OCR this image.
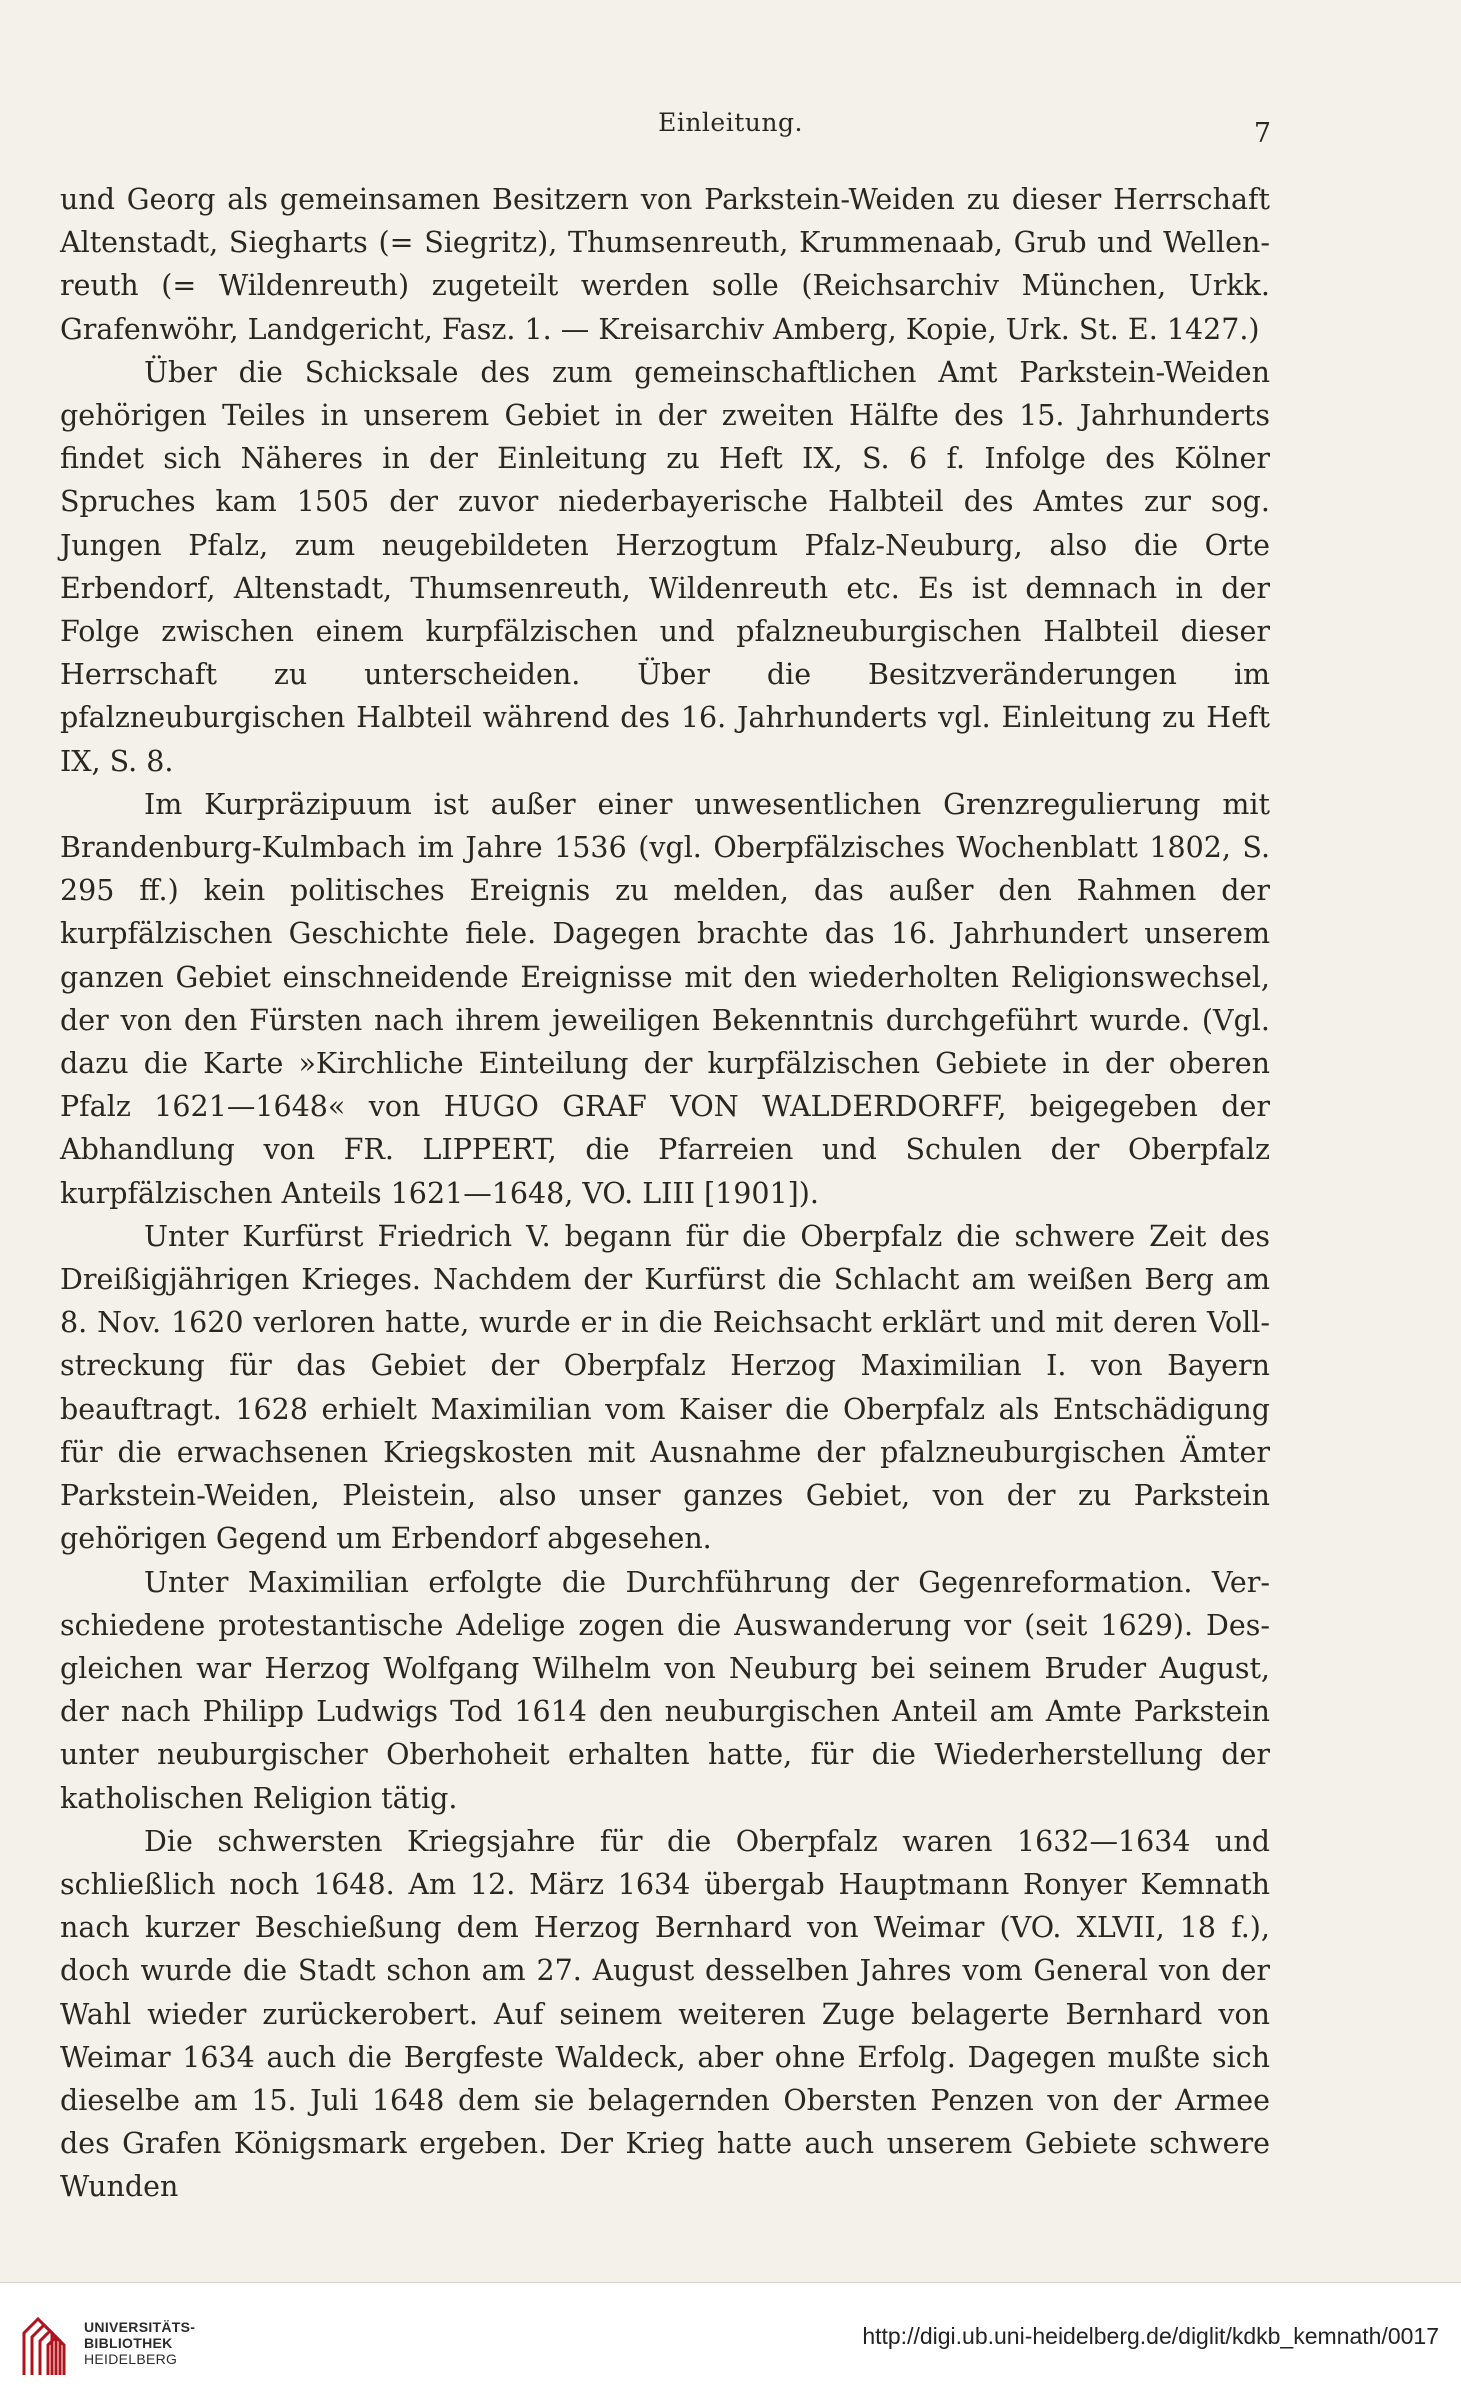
Einleitung.	7

und Georg als gemeinsamen Besitzern von Parkstein-Weiden zu dieser Herrschaft Altenstadt, Siegharts (= Siegritz), Thumsenreuth, Krummenaab, Grub und Wellenreuth (= Wildenreuth) zugeteilt werden solle (Reichsarchiv München, Urkk. Grafenwöhr, Landgericht, Fasz. 1. — Kreisarchiv Amberg, Kopie, Urk. St. E. 1427.)

Über die Schicksale des zum gemeinschaftlichen Amt Parkstein-Weiden gehörigen Teiles in unserem Gebiet in der zweiten Hälfte des 15. Jahrhunderts findet sich Näheres in der Einleitung zu Heft IX, S. 6 f. Infolge des Kölner Spruches kam 1505 der zuvor niederbayerische Halbteil des Amtes zur sog. Jungen Pfalz, zum neugebildeten Herzogtum Pfalz-Neuburg, also die Orte Erbendorf, Altenstadt, Thumsenreuth, Wildenreuth etc. Es ist demnach in der Folge zwischen einem kurpfälzischen und pfalzneuburgischen Halbteil dieser Herrschaft zu unterscheiden. Über die Besitzveränderungen im pfalzneuburgischen Halbteil während des 16. Jahrhunderts vgl. Einleitung zu Heft IX, S. 8.

Im Kurpräzipuum ist außer einer unwesentlichen Grenzregulierung mit Brandenburg-Kulmbach im Jahre 1536 (vgl. Oberpfälzisches Wochenblatt 1802, S. 295 ff.) kein politisches Ereignis zu melden, das außer den Rahmen der kurpfälzischen Geschichte fiele. Dagegen brachte das 16. Jahrhundert unserem ganzen Gebiet einschneidende Ereignisse mit den wiederholten Religionswechsel, der von den Fürsten nach ihrem jeweiligen Bekenntnis durchgeführt wurde. (Vgl. dazu die Karte »Kirchliche Einteilung der kurpfälzischen Gebiete in der oberen Pfalz 1621—1648« von HUGO GRAF VON WALDERDORFF, beigegeben der Abhandlung von FR. LIPPERT, die Pfarreien und Schulen der Oberpfalz kurpfälzischen Anteils 1621—1648, VO. LIII [1901]).

Unter Kurfürst Friedrich V. begann für die Oberpfalz die schwere Zeit des Dreißigjährigen Krieges. Nachdem der Kurfürst die Schlacht am weißen Berg am 8. Nov. 1620 verloren hatte, wurde er in die Reichsacht erklärt und mit deren Vollstreckung für das Gebiet der Oberpfalz Herzog Maximilian I. von Bayern beauftragt. 1628 erhielt Maximilian vom Kaiser die Oberpfalz als Entschädigung für die erwachsenen Kriegskosten mit Ausnahme der pfalzneuburgischen Ämter Parkstein-Weiden, Pleistein, also unser ganzes Gebiet, von der zu Parkstein gehörigen Gegend um Erbendorf abgesehen.

Unter Maximilian erfolgte die Durchführung der Gegenreformation. Verschiedene protestantische Adelige zogen die Auswanderung vor (seit 1629). Desgleichen war Herzog Wolfgang Wilhelm von Neuburg bei seinem Bruder August, der nach Philipp Ludwigs Tod 1614 den neuburgischen Anteil am Amte Parkstein unter neuburgischer Oberhoheit erhalten hatte, für die Wiederherstellung der katholischen Religion tätig.

Die schwersten Kriegsjahre für die Oberpfalz waren 1632—1634 und schließlich noch 1648. Am 12. März 1634 übergab Hauptmann Ronyer Kemnath nach kurzer Beschießung dem Herzog Bernhard von Weimar (VO. XLVII, 18 f.), doch wurde die Stadt schon am 27. August desselben Jahres vom General von der Wahl wieder zurückerobert. Auf seinem weiteren Zuge belagerte Bernhard von Weimar 1634 auch die Bergfeste Waldeck, aber ohne Erfolg. Dagegen mußte sich dieselbe am 15. Juli 1648 dem sie belagernden Obersten Penzen von der Armee des Grafen Königsmark ergeben. Der Krieg hatte auch unserem Gebiete schwere Wunden

UNIVERSITÄTS-
BIBLIOTHEK
HEIDELBERG
http://digi.ub.uni-heidelberg.de/diglit/kdkb_kemnath/0017
